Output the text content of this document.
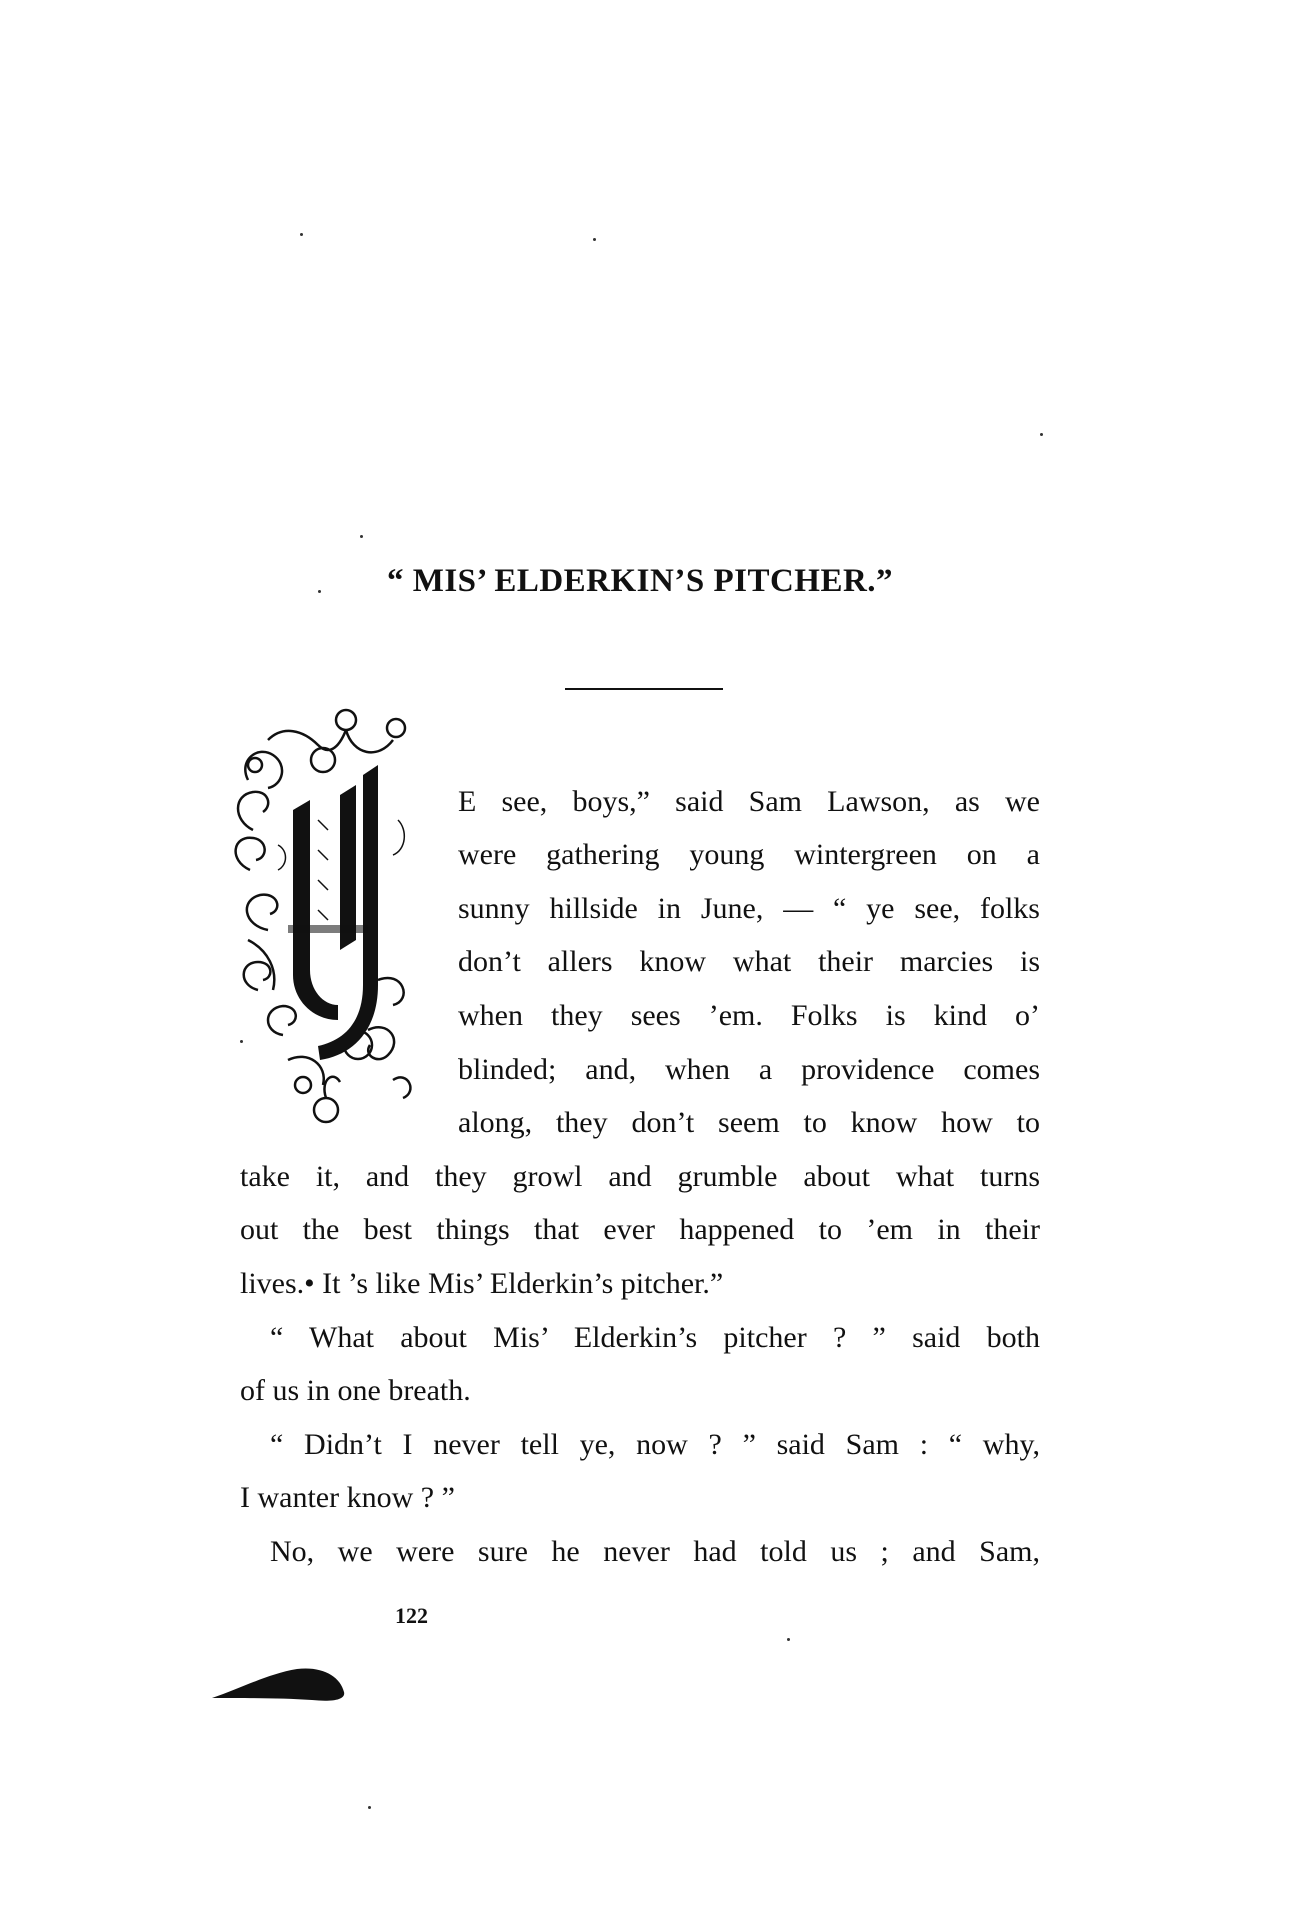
“ MIS’ ELDERKIN’S PITCHER.”

E see, boys,” said Sam Lawson, as we

were gathering young wintergreen on a

sunny hillside in June, — “ ye see, folks

don’t allers know what their marcies is

when they sees ’em. Folks is kind o’

blinded; and, when a providence comes

along, they don’t seem to know how to

take it, and they growl and grumble about what turns

out the best things that ever happened to ’em in their

lives.• It ’s like Mis’ Elderkin’s pitcher.”

“ What about Mis’ Elderkin’s pitcher ? ” said both

of us in one breath.

“ Didn’t I never tell ye, now ? ” said Sam : “ why,

I wanter know ? ”

No, we were sure he never had told us ; and Sam,

122
